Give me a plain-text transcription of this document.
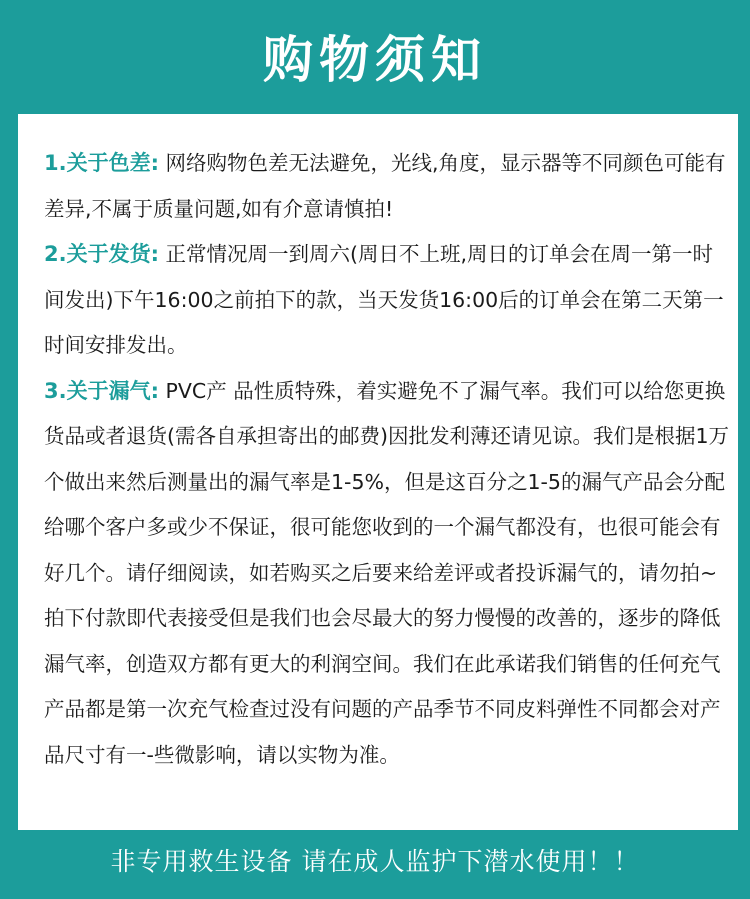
购物须知

1.关于色差: 网络购物色差无法避免，光线,角度，显示器等不同颜色可能有差异,不属于质量问题,如有介意请慎拍!

2.关于发货: 正常情况周一到周六(周日不上班,周日的订单会在周一第一时间发出)下午16:00之前拍下的款，当天发货16:00后的订单会在第二天第一时间安排发出。

3.关于漏气: PVC产 品性质特殊，着实避免不了漏气率。我们可以给您更换货品或者退货(需各自承担寄出的邮费)因批发利薄还请见谅。我们是根据1万个做出来然后测量出的漏气率是1-5%，但是这百分之1-5的漏气产品会分配给哪个客户多或少不保证，很可能您收到的一个漏气都没有，也很可能会有好几个。请仔细阅读，如若购买之后要来给差评或者投诉漏气的，请勿拍~拍下付款即代表接受但是我们也会尽最大的努力慢慢的改善的，逐步的降低漏气率，创造双方都有更大的利润空间。我们在此承诺我们销售的任何充气产品都是第一次充气检查过没有问题的产品季节不同皮料弹性不同都会对产品尺寸有一-些微影响，请以实物为准。

非专用救生设备 请在成人监护下潜水使用！！
